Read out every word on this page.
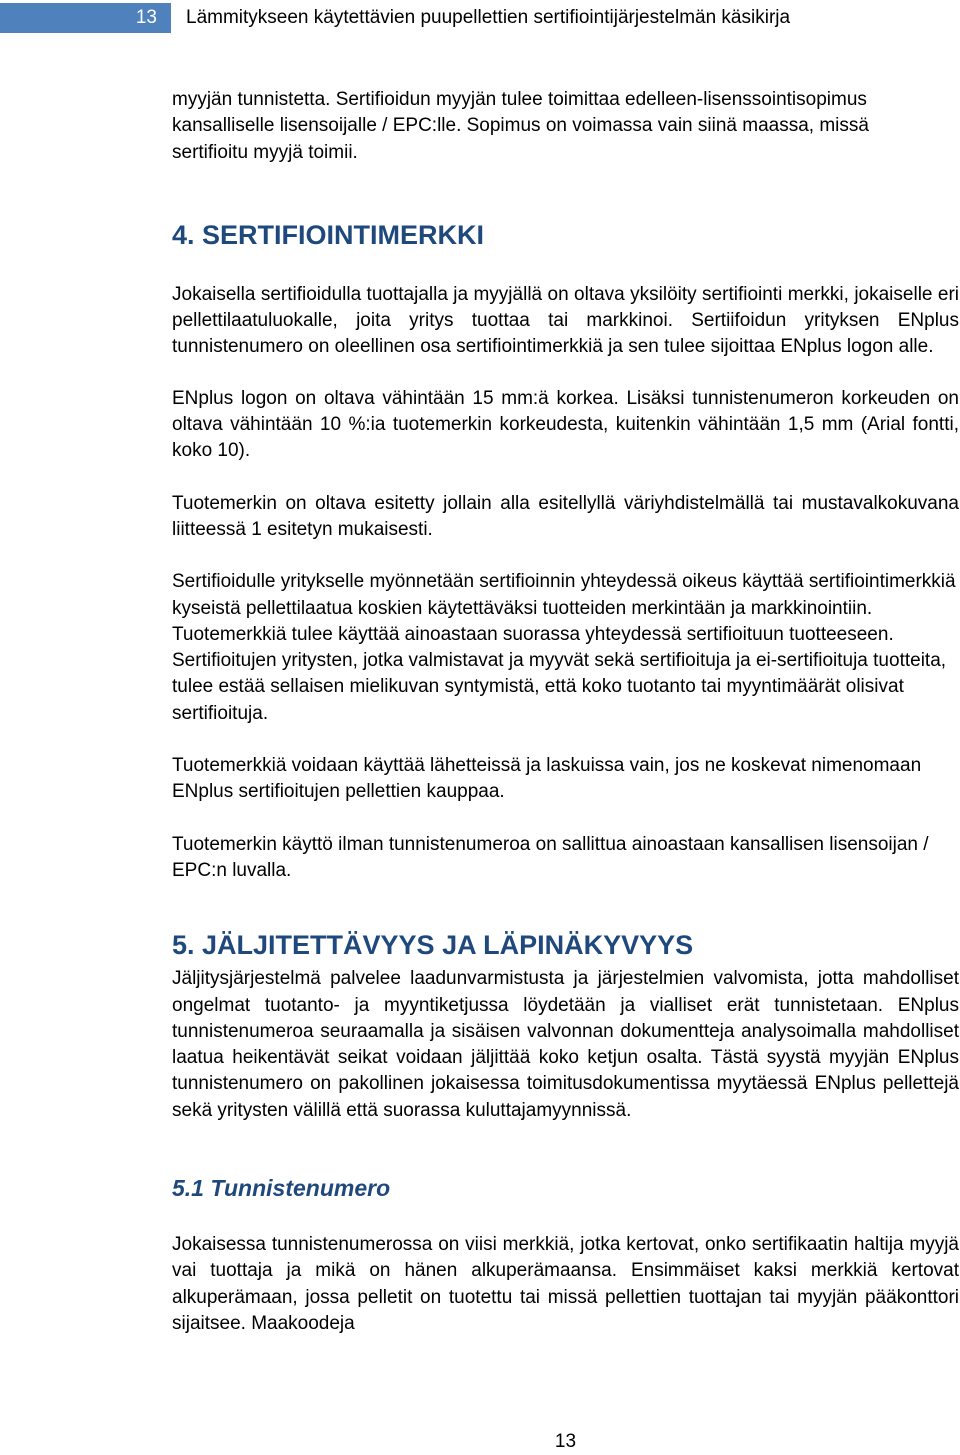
13	Lämmitykseen käytettävien puupellettien sertifiointijärjestelmän käsikirja

myyjän tunnistetta. Sertifioidun myyjän tulee toimittaa edelleen-lisenssointisopimus kansalliselle lisensoijalle / EPC:lle. Sopimus on voimassa vain siinä maassa, missä sertifioitu myyjä toimii.

4. SERTIFIOINTIMERKKI

Jokaisella sertifioidulla tuottajalla ja myyjällä on oltava yksilöity sertifiointi merkki, jokaiselle eri pellettilaatuluokalle, joita yritys tuottaa tai markkinoi. Sertiifoidun yrityksen ENplus tunnistenumero on oleellinen osa sertifiointimerkkiä ja sen tulee sijoittaa ENplus logon alle.

ENplus logon on oltava vähintään 15 mm:ä korkea. Lisäksi tunnistenumeron korkeuden on oltava vähintään 10 %:ia tuotemerkin korkeudesta, kuitenkin vähintään 1,5 mm (Arial fontti, koko 10).

Tuotemerkin on oltava esitetty jollain alla esitellyllä väriyhdistelmällä tai mustavalkokuvana liitteessä 1 esitetyn mukaisesti.

Sertifioidulle yritykselle myönnetään sertifioinnin yhteydessä oikeus käyttää sertifiointimerkkiä kyseistä pellettilaatua koskien käytettäväksi tuotteiden merkintään ja markkinointiin. Tuotemerkkiä tulee käyttää ainoastaan suorassa yhteydessä sertifioituun tuotteeseen. Sertifioitujen yritysten, jotka valmistavat ja myyvät sekä sertifioituja ja ei-sertifioituja tuotteita, tulee estää sellaisen mielikuvan syntymistä, että koko tuotanto tai myyntimäärät olisivat sertifioituja.

Tuotemerkkiä voidaan käyttää lähetteissä ja laskuissa vain, jos ne koskevat nimenomaan ENplus sertifioitujen pellettien kauppaa.

Tuotemerkin käyttö ilman tunnistenumeroa on sallittua ainoastaan kansallisen lisensoijan / EPC:n luvalla.

5. JÄLJITETTÄVYYS JA LÄPINÄKYVYYS

Jäljitysjärjestelmä palvelee laadunvarmistusta ja järjestelmien valvomista, jotta mahdolliset ongelmat tuotanto- ja myyntiketjussa löydetään ja vialliset erät tunnistetaan. ENplus tunnistenumeroa seuraamalla ja sisäisen valvonnan dokumentteja analysoimalla mahdolliset laatua heikentävät seikat voidaan jäljittää koko ketjun osalta. Tästä syystä myyjän ENplus tunnistenumero on pakollinen jokaisessa toimitusdokumentissa myytäessä ENplus pellettejä sekä yritysten välillä että suorassa kuluttajamyynnissä.

5.1 Tunnistenumero

Jokaisessa tunnistenumerossa on viisi merkkiä, jotka kertovat, onko sertifikaatin haltija myyjä vai tuottaja ja mikä on hänen alkuperämaansa. Ensimmäiset kaksi merkkiä kertovat alkuperämaan, jossa pelletit on tuotettu tai missä pellettien tuottajan tai myyjän pääkonttori sijaitsee. Maakoodeja

13
